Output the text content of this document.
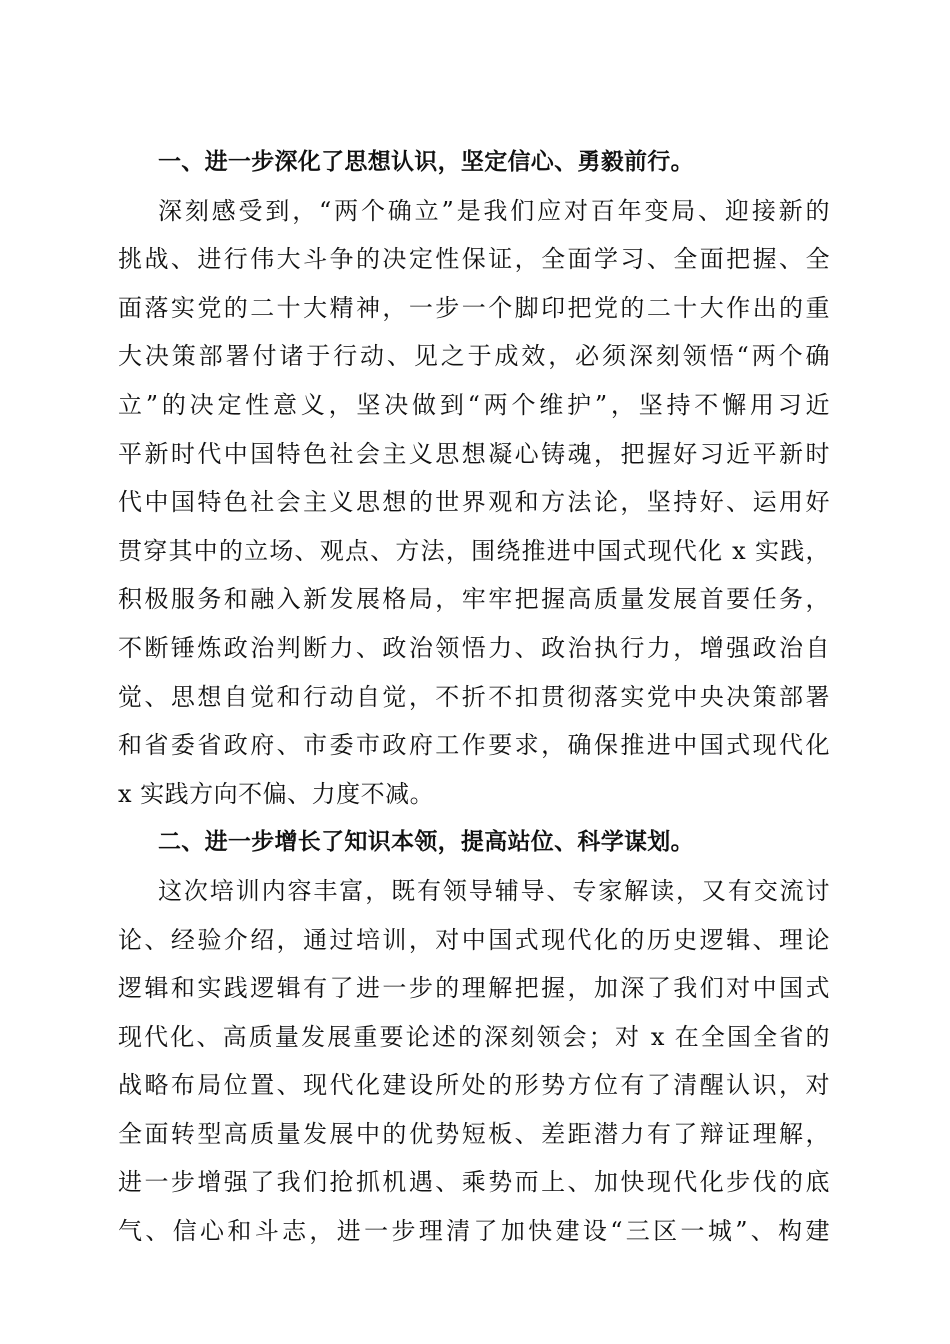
一、进一步深化了思想认识，坚定信心、勇毅前行。
深刻感受到，“两个确立”是我们应对百年变局、迎接新的
挑战、进行伟大斗争的决定性保证，全面学习、全面把握、全
面落实党的二十大精神，一步一个脚印把党的二十大作出的重
大决策部署付诸于行动、见之于成效，必须深刻领悟“两个确
立”的决定性意义，坚决做到“两个维护”，坚持不懈用习近
平新时代中国特色社会主义思想凝心铸魂，把握好习近平新时
代中国特色社会主义思想的世界观和方法论，坚持好、运用好
贯穿其中的立场、观点、方法，围绕推进中国式现代化 x 实践，
积极服务和融入新发展格局，牢牢把握高质量发展首要任务，
不断锤炼政治判断力、政治领悟力、政治执行力，增强政治自
觉、思想自觉和行动自觉，不折不扣贯彻落实党中央决策部署
和省委省政府、市委市政府工作要求，确保推进中国式现代化
x 实践方向不偏、力度不减。
二、进一步增长了知识本领，提高站位、科学谋划。
这次培训内容丰富，既有领导辅导、专家解读，又有交流讨
论、经验介绍，通过培训，对中国式现代化的历史逻辑、理论
逻辑和实践逻辑有了进一步的理解把握，加深了我们对中国式
现代化、高质量发展重要论述的深刻领会；对 x 在全国全省的
战略布局位置、现代化建设所处的形势方位有了清醒认识，对
全面转型高质量发展中的优势短板、差距潜力有了辩证理解，
进一步增强了我们抢抓机遇、乘势而上、加快现代化步伐的底
气、信心和斗志，进一步理清了加快建设“三区一城”、构建
